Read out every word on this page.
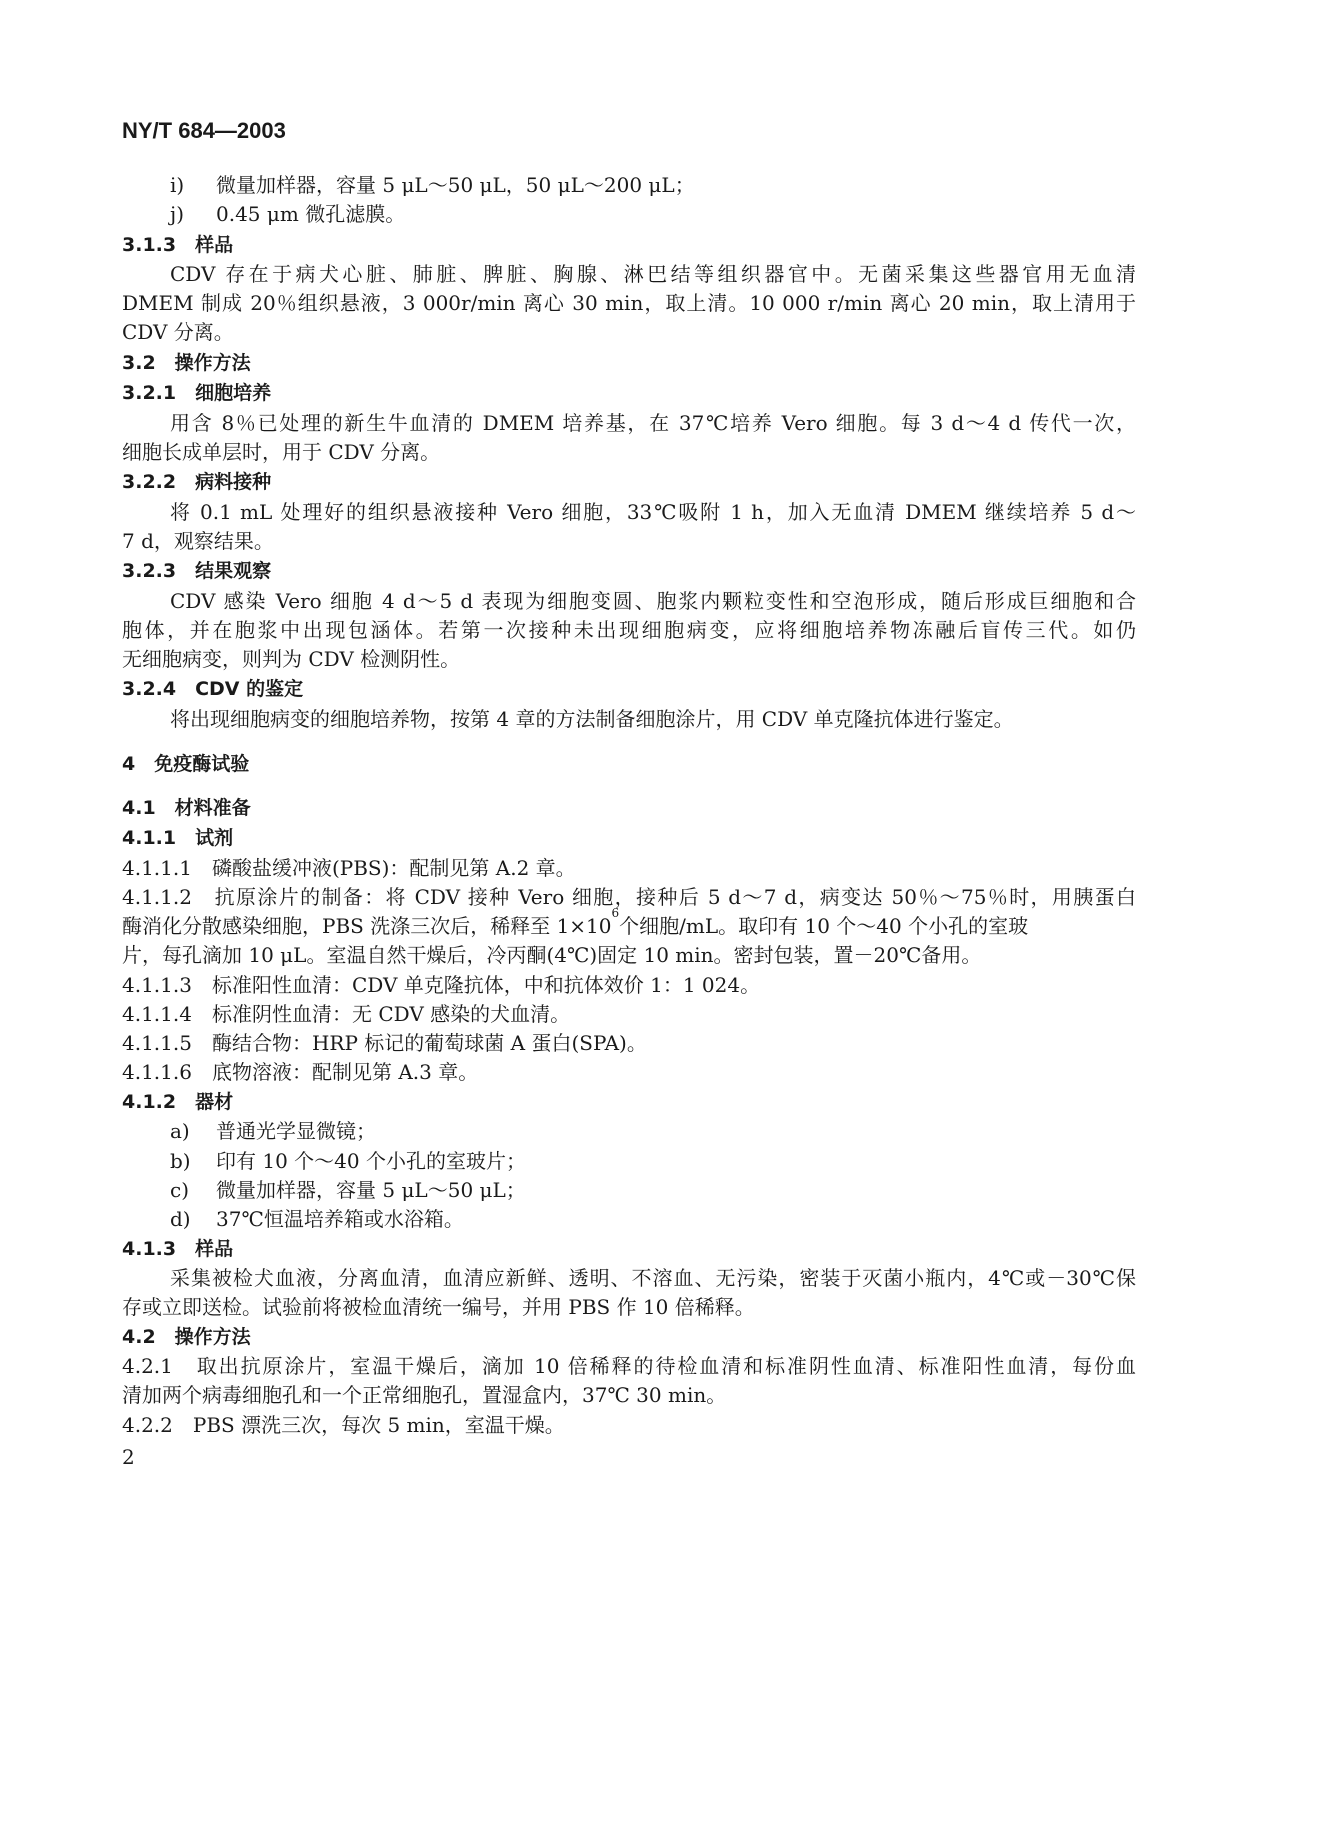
NY/T 684—2003
i) 微量加样器，容量 5 μL～50 μL，50 μL～200 μL；
j) 0.45 μm 微孔滤膜。
3.1.3　样品
CDV 存在于病犬心脏、肺脏、脾脏、胸腺、淋巴结等组织器官中。无菌采集这些器官用无血清
DMEM 制成 20％组织悬液，3 000r/min 离心 30 min，取上清。10 000 r/min 离心 20 min，取上清用于
CDV 分离。
3.2　操作方法
3.2.1　细胞培养
用含 8％已处理的新生牛血清的 DMEM 培养基，在 37℃培养 Vero 细胞。每 3 d～4 d 传代一次，
细胞长成单层时，用于 CDV 分离。
3.2.2　病料接种
将 0.1 mL 处理好的组织悬液接种 Vero 细胞，33℃吸附 1 h，加入无血清 DMEM 继续培养 5 d～
7 d，观察结果。
3.2.3　结果观察
CDV 感染 Vero 细胞 4 d～5 d 表现为细胞变圆、胞浆内颗粒变性和空泡形成，随后形成巨细胞和合
胞体，并在胞浆中出现包涵体。若第一次接种未出现细胞病变，应将细胞培养物冻融后盲传三代。如仍
无细胞病变，则判为 CDV 检测阴性。
3.2.4　CDV 的鉴定
将出现细胞病变的细胞培养物，按第 4 章的方法制备细胞涂片，用 CDV 单克隆抗体进行鉴定。
4　免疫酶试验
4.1　材料准备
4.1.1　试剂
4.1.1.1　磷酸盐缓冲液(PBS)：配制见第 A.2 章。
4.1.1.2　抗原涂片的制备：将 CDV 接种 Vero 细胞，接种后 5 d～7 d，病变达 50％～75％时，用胰蛋白
酶消化分散感染细胞，PBS 洗涤三次后，稀释至 1×10
6
个细胞/mL。取印有 10 个～40 个小孔的室玻
片，每孔滴加 10 μL。室温自然干燥后，冷丙酮(4℃)固定 10 min。密封包装，置－20℃备用。
4.1.1.3　标准阳性血清：CDV 单克隆抗体，中和抗体效价 1：1 024。
4.1.1.4　标准阴性血清：无 CDV 感染的犬血清。
4.1.1.5　酶结合物：HRP 标记的葡萄球菌 A 蛋白(SPA)。
4.1.1.6　底物溶液：配制见第 A.3 章。
4.1.2　器材
a) 普通光学显微镜；
b) 印有 10 个～40 个小孔的室玻片；
c) 微量加样器，容量 5 μL～50 μL；
d) 37℃恒温培养箱或水浴箱。
4.1.3　样品
采集被检犬血液，分离血清，血清应新鲜、透明、不溶血、无污染，密装于灭菌小瓶内，4℃或－30℃保
存或立即送检。试验前将被检血清统一编号，并用 PBS 作 10 倍稀释。
4.2　操作方法
4.2.1　取出抗原涂片，室温干燥后，滴加 10 倍稀释的待检血清和标准阴性血清、标准阳性血清，每份血
清加两个病毒细胞孔和一个正常细胞孔，置湿盒内，37℃ 30 min。
4.2.2　PBS 漂洗三次，每次 5 min，室温干燥。
2
